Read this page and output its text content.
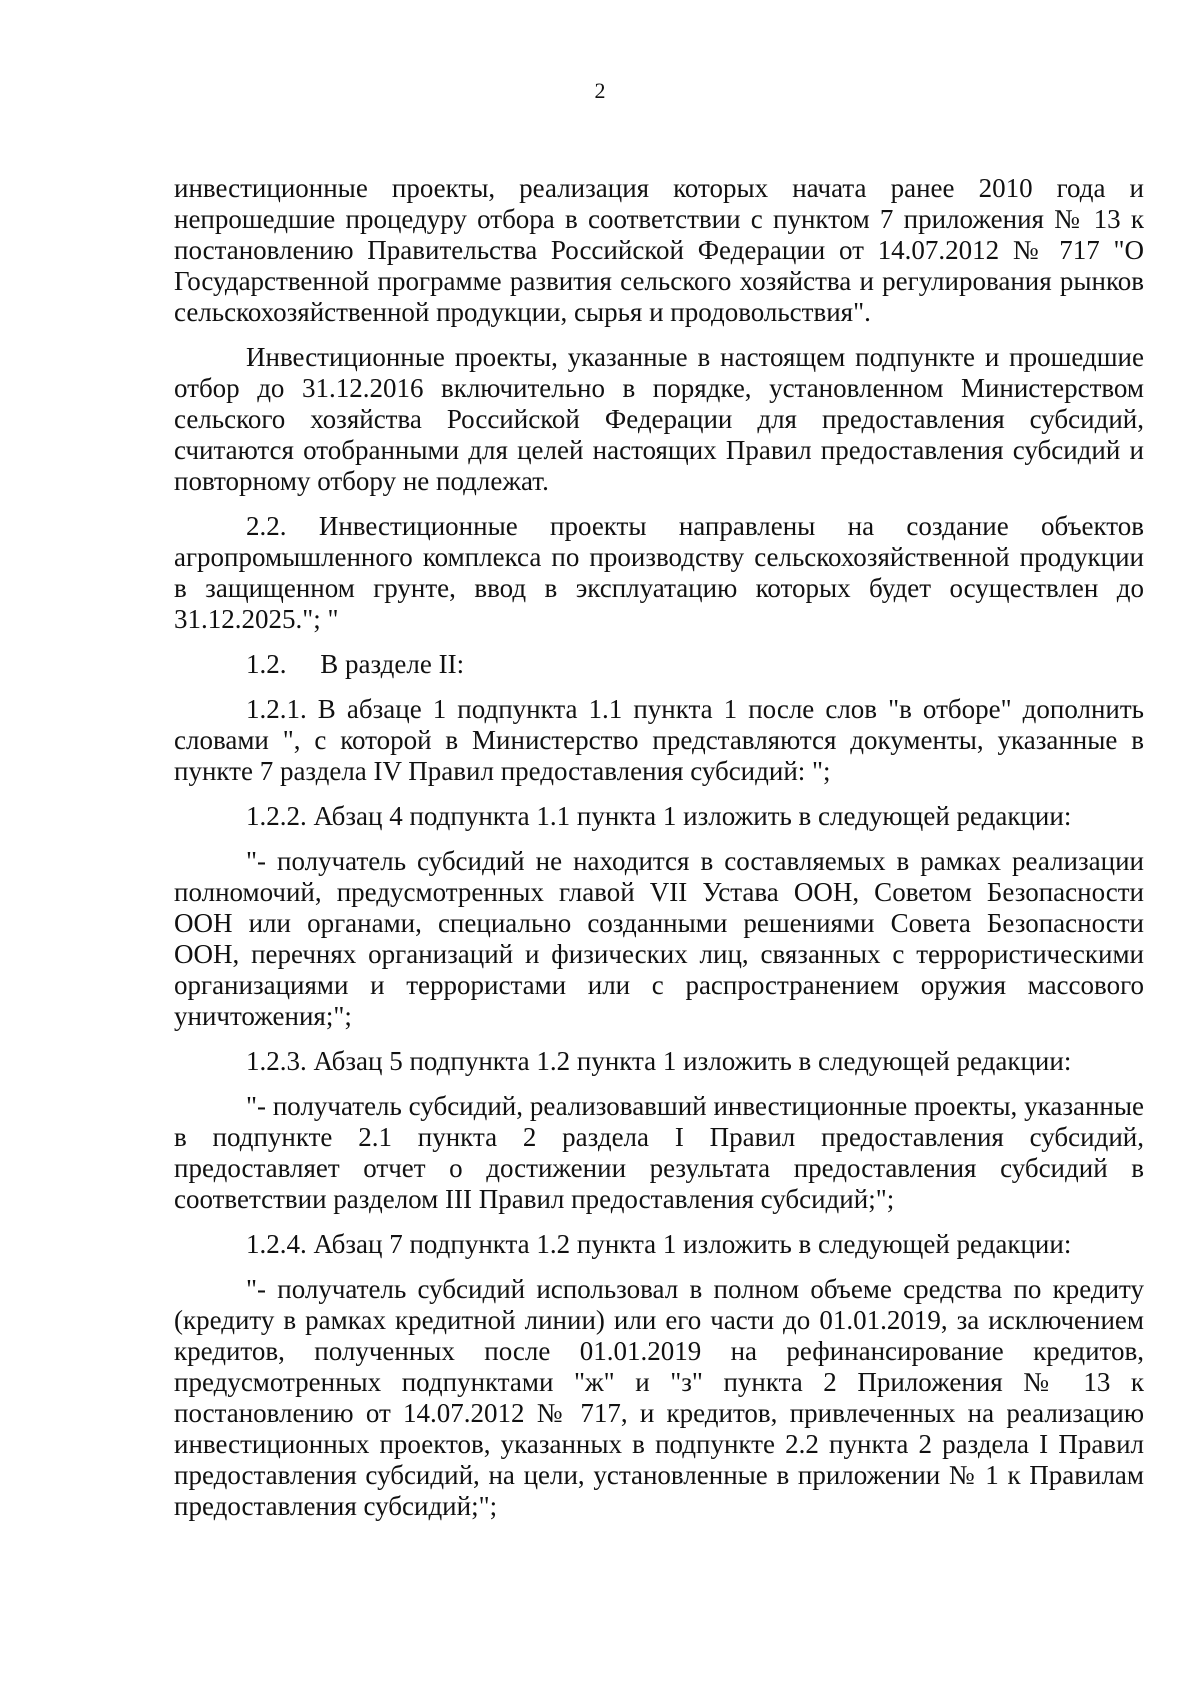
2

инвестиционные проекты, реализация которых начата ранее 2010 года и непрошедшие процедуру отбора в соответствии с пунктом 7 приложения № 13 к постановлению Правительства Российской Федерации от 14.07.2012 № 717 "О Государственной программе развития сельского хозяйства и регулирования рынков сельскохозяйственной продукции, сырья и продовольствия".

Инвестиционные проекты, указанные в настоящем подпункте и прошедшие отбор до 31.12.2016 включительно в порядке, установленном Министерством сельского хозяйства Российской Федерации для предоставления субсидий, считаются отобранными для целей настоящих Правил предоставления субсидий и повторному отбору не подлежат.

2.2. Инвестиционные проекты направлены на создание объектов агропромышленного комплекса по производству сельскохозяйственной продукции в защищенном грунте, ввод в эксплуатацию которых будет осуществлен до 31.12.2025."; "

1.2.     В разделе II:

1.2.1. В абзаце 1 подпункта 1.1 пункта 1 после слов "в отборе" дополнить словами ", с которой в Министерство представляются документы, указанные в пункте 7 раздела IV Правил предоставления субсидий: ";

1.2.2. Абзац 4 подпункта 1.1 пункта 1 изложить в следующей редакции:

"- получатель субсидий не находится в составляемых в рамках реализации полномочий, предусмотренных главой VII Устава ООН, Советом Безопасности ООН или органами, специально созданными решениями Совета Безопасности ООН, перечнях организаций и физических лиц, связанных с террористическими организациями и террористами или с распространением оружия массового уничтожения;";

1.2.3. Абзац 5 подпункта 1.2 пункта 1 изложить в следующей редакции:

"- получатель субсидий, реализовавший инвестиционные проекты, указанные в подпункте 2.1 пункта 2 раздела I Правил предоставления субсидий, предоставляет отчет о достижении результата предоставления субсидий в соответствии разделом III Правил предоставления субсидий;";

1.2.4. Абзац 7 подпункта 1.2 пункта 1 изложить в следующей редакции:

"- получатель субсидий использовал в полном объеме средства по кредиту (кредиту в рамках кредитной линии) или его части до 01.01.2019, за исключением кредитов, полученных после 01.01.2019 на рефинансирование кредитов, предусмотренных подпунктами "ж" и "з" пункта 2 Приложения № 13 к постановлению от 14.07.2012 № 717, и кредитов, привлеченных на реализацию инвестиционных проектов, указанных в подпункте 2.2 пункта 2 раздела I Правил предоставления субсидий, на цели, установленные в приложении № 1 к Правилам предоставления субсидий;";
